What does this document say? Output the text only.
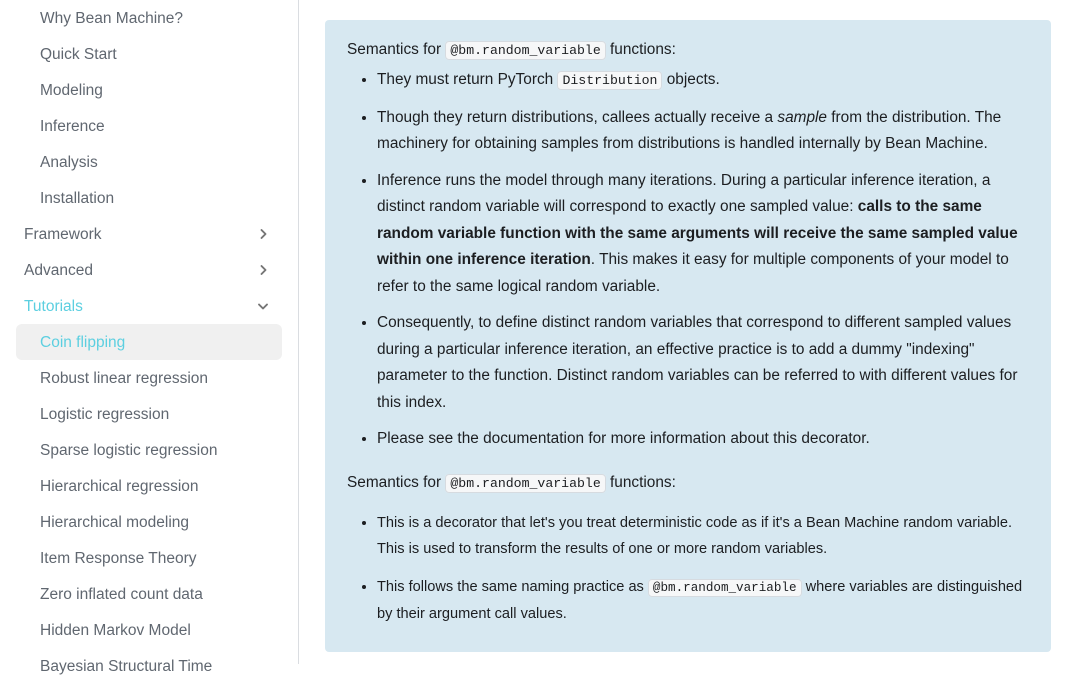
Why Bean Machine?
Quick Start
Modeling
Inference
Analysis
Installation
Framework
Advanced
Tutorials
Coin flipping
Robust linear regression
Logistic regression
Sparse logistic regression
Hierarchical regression
Hierarchical modeling
Item Response Theory
Zero inflated count data
Hidden Markov Model
Bayesian Structural Time

Semantics for @bm.random_variable functions:

• They must return PyTorch Distribution objects.
• Though they return distributions, callees actually receive a sample from the distribution. The machinery for obtaining samples from distributions is handled internally by Bean Machine.
• Inference runs the model through many iterations. During a particular inference iteration, a distinct random variable will correspond to exactly one sampled value: calls to the same random variable function with the same arguments will receive the same sampled value within one inference iteration. This makes it easy for multiple components of your model to refer to the same logical random variable.
• Consequently, to define distinct random variables that correspond to different sampled values during a particular inference iteration, an effective practice is to add a dummy "indexing" parameter to the function. Distinct random variables can be referred to with different values for this index.
• Please see the documentation for more information about this decorator.

Semantics for @bm.random_variable functions:

• This is a decorator that let's you treat deterministic code as if it's a Bean Machine random variable. This is used to transform the results of one or more random variables.
• This follows the same naming practice as @bm.random_variable where variables are distinguished by their argument call values.
